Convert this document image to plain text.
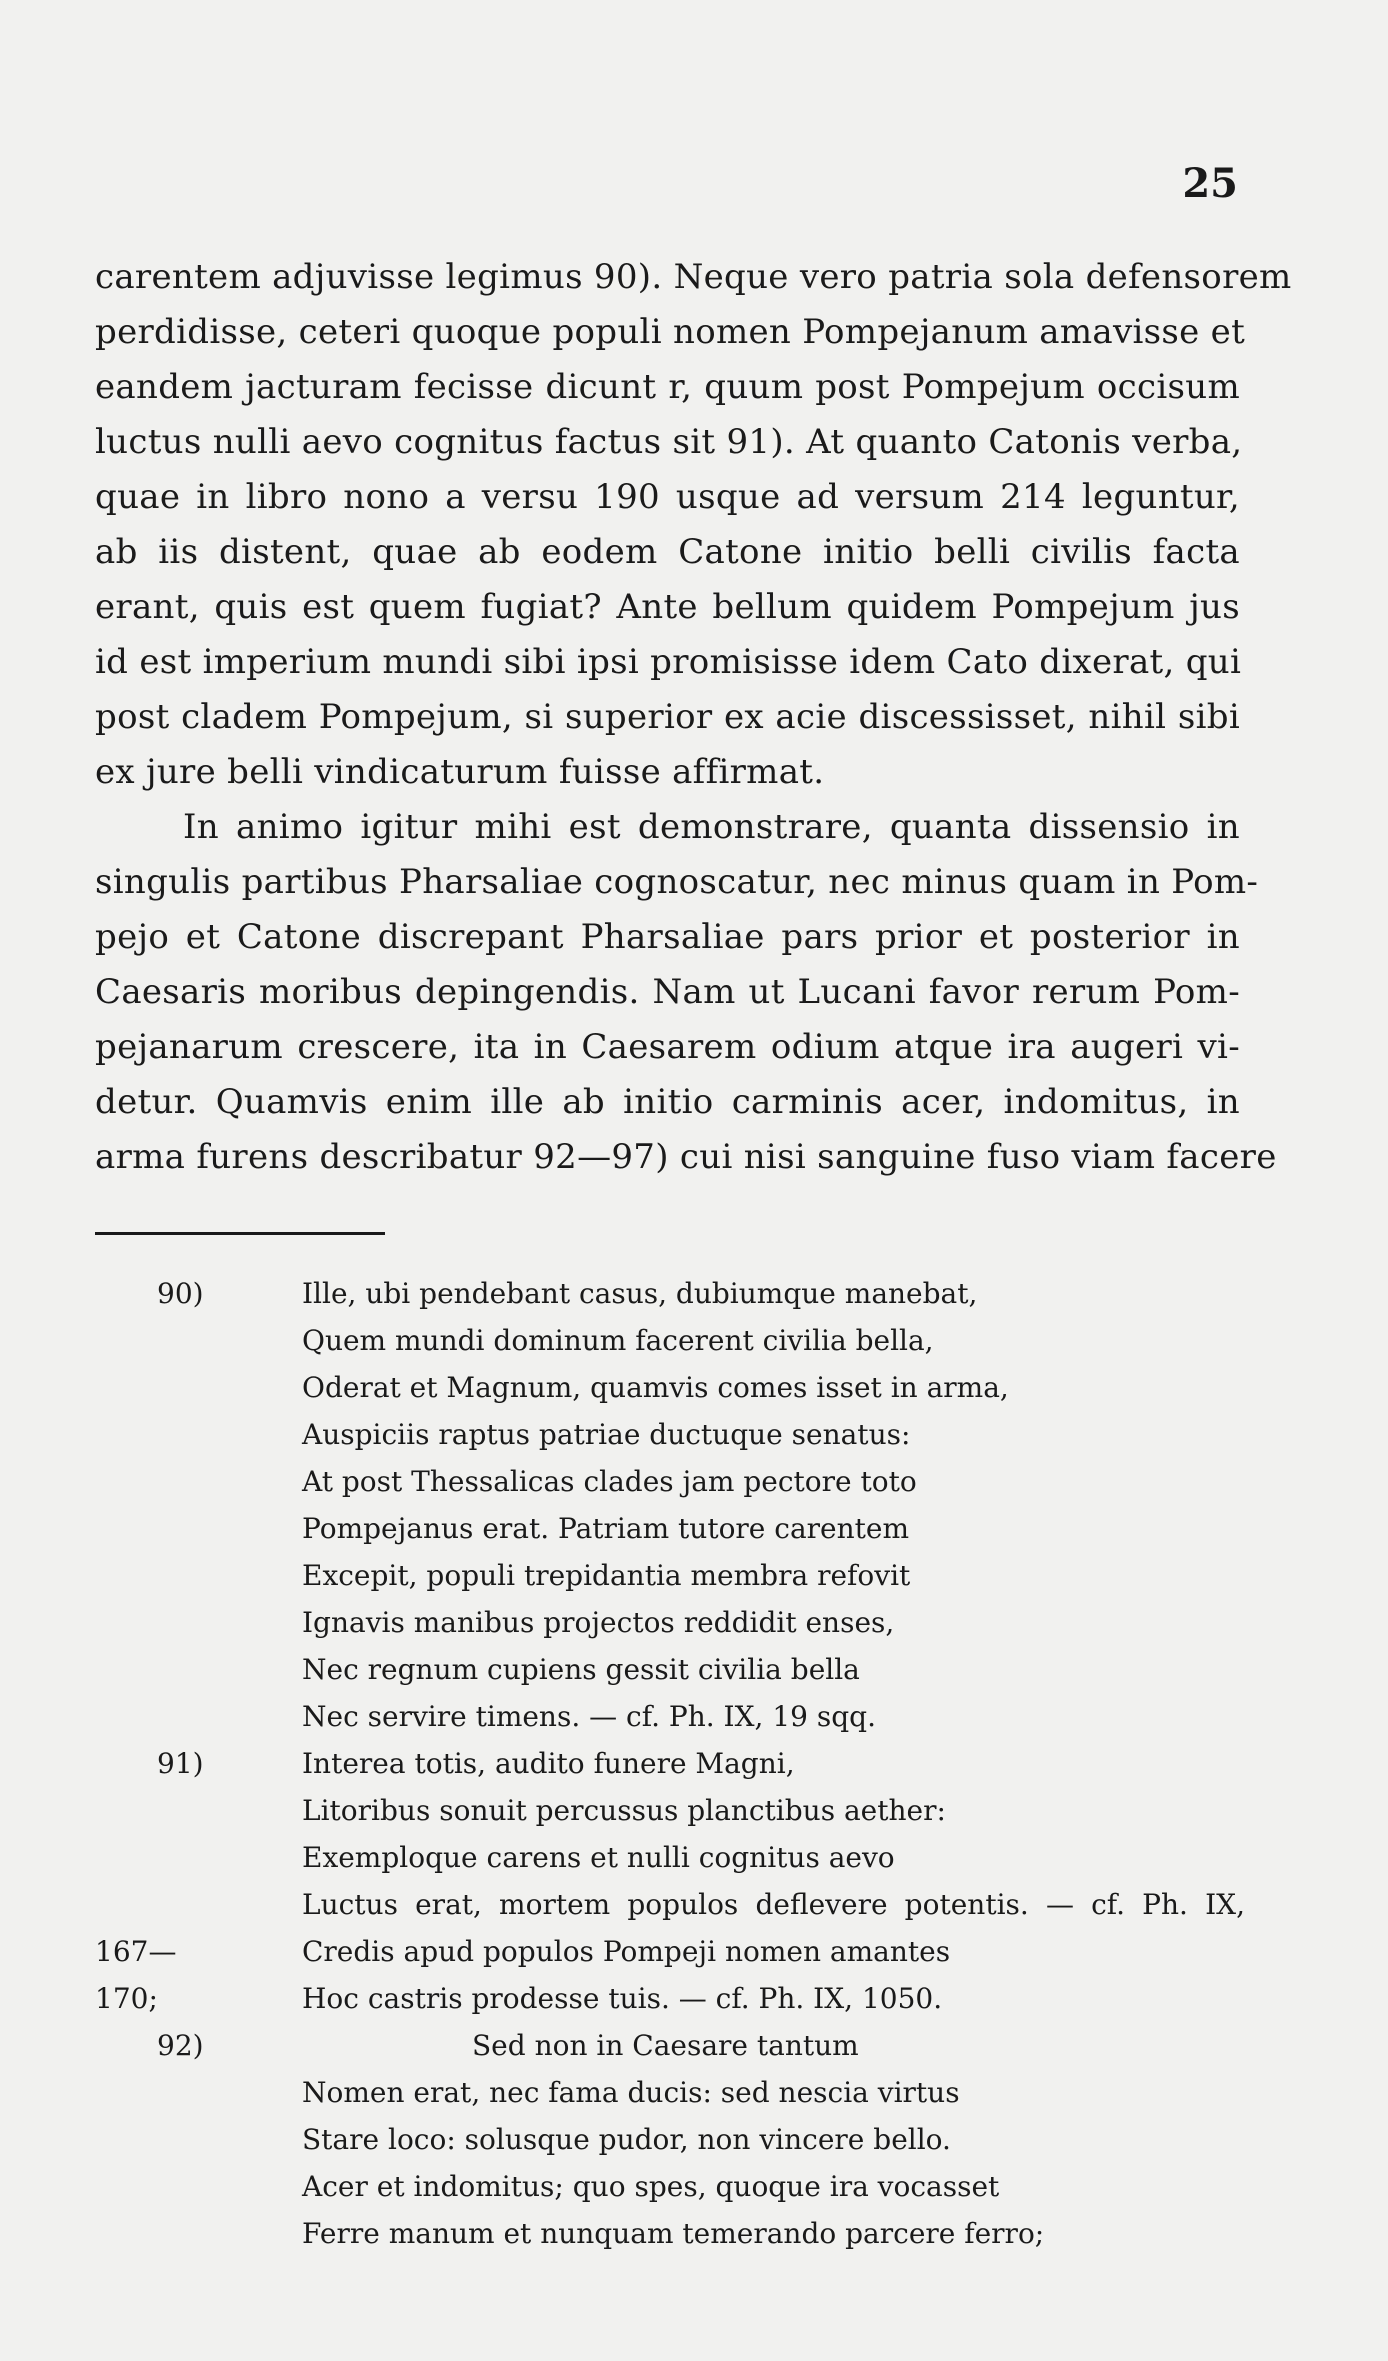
25
carentem adjuvisse legimus 90). Neque vero patria sola defensorem
perdidisse, ceteri quoque populi nomen Pompejanum amavisse et
eandem jacturam fecisse dicunt r, quum post Pompejum occisum
luctus nulli aevo cognitus factus sit 91). At quanto Catonis verba,
quae in libro nono a versu 190 usque ad versum 214 leguntur,
ab iis distent, quae ab eodem Catone initio belli civilis facta
erant, quis est quem fugiat? Ante bellum quidem Pompejum jus
id est imperium mundi sibi ipsi promisisse idem Cato dixerat, qui
post cladem Pompejum, si superior ex acie discessisset, nihil sibi
ex jure belli vindicaturum fuisse affirmat.
In animo igitur mihi est demonstrare, quanta dissensio in
singulis partibus Pharsaliae cognoscatur, nec minus quam in Pom-
pejo et Catone discrepant Pharsaliae pars prior et posterior in
Caesaris moribus depingendis. Nam ut Lucani favor rerum Pom-
pejanarum crescere, ita in Caesarem odium atque ira augeri vi-
detur. Quamvis enim ille ab initio carminis acer, indomitus, in
arma furens describatur 92—97) cui nisi sanguine fuso viam facere
90)	Ille, ubi pendebant casus, dubiumque manebat,
Quem mundi dominum facerent civilia bella,
Oderat et Magnum, quamvis comes isset in arma,
Auspiciis raptus patriae ductuque senatus:
At post Thessalicas clades jam pectore toto
Pompejanus erat. Patriam tutore carentem
Excepit, populi trepidantia membra refovit
Ignavis manibus projectos reddidit enses,
Nec regnum cupiens gessit civilia bella
Nec servire timens. — cf. Ph. IX, 19 sqq.
91)	Interea totis, audito funere Magni,
Litoribus sonuit percussus planctibus aether:
Exemploque carens et nulli cognitus aevo
Luctus erat, mortem populos deflevere potentis. — cf. Ph. IX,
167—170;
Credis apud populos Pompeji nomen amantes
Hoc castris prodesse tuis. — cf. Ph. IX, 1050.
92)	Sed non in Caesare tantum
Nomen erat, nec fama ducis: sed nescia virtus
Stare loco: solusque pudor, non vincere bello.
Acer et indomitus; quo spes, quoque ira vocasset
Ferre manum et nunquam temerando parcere ferro;
